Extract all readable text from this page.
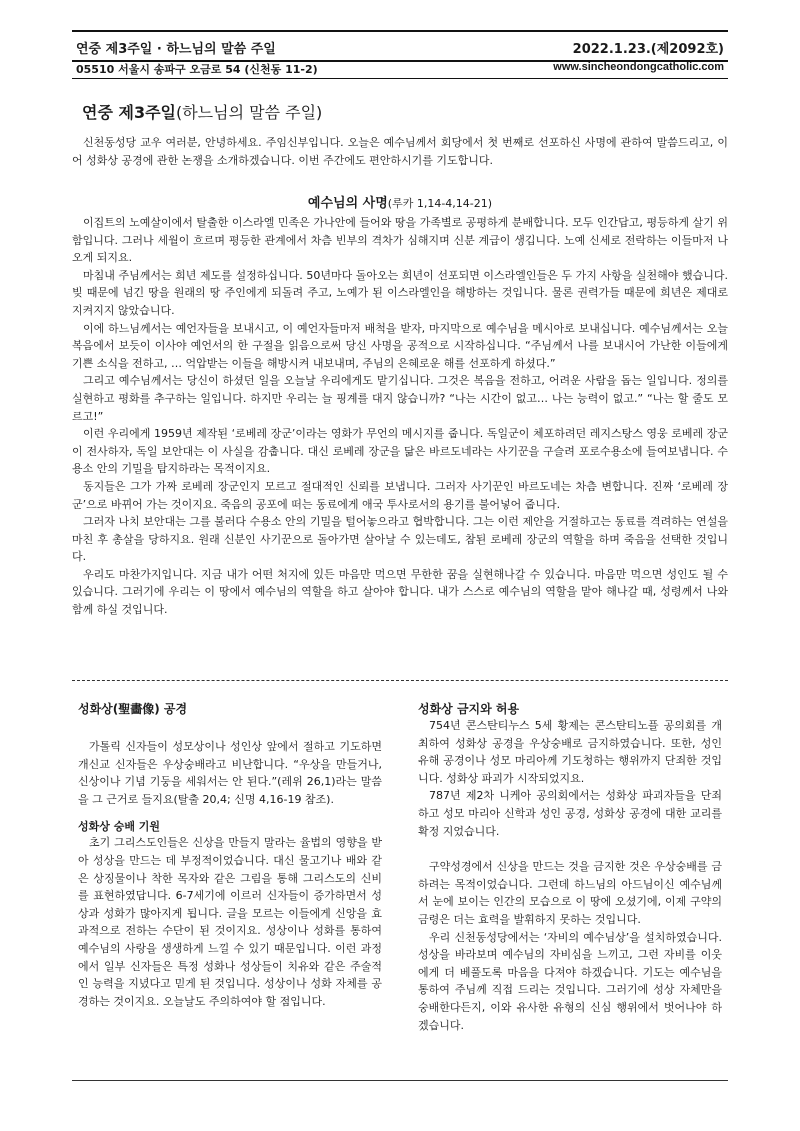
연중 제3주일 · 하느님의 말씀 주일	2022.1.23.(제2092호)
05510 서울시 송파구 오금로 54 (신천동 11-2)	www.sincheondongcatholic.com
연중 제3주일(하느님의 말씀 주일)

신천동성당 교우 여러분, 안녕하세요. 주임신부입니다. 오늘은 예수님께서 회당에서 첫 번째로 선포하신 사명에 관하여 말씀드리고, 이어 성화상 공경에 관한 논쟁을 소개하겠습니다. 이번 주간에도 편안하시기를 기도합니다.

예수님의 사명(루카 1,14-4,14-21)

이집트의 노예살이에서 탈출한 이스라엘 민족은 가나안에 들어와 땅을 가족별로 공평하게 분배합니다. 모두 인간답고, 평등하게 살기 위함입니다. 그러나 세월이 흐르며 평등한 관계에서 차츰 빈부의 격차가 심해지며 신분 계급이 생깁니다. 노예 신세로 전락하는 이들마저 나오게 되지요.

마침내 주님께서는 희년 제도를 설정하십니다. 50년마다 돌아오는 희년이 선포되면 이스라엘인들은 두 가지 사항을 실천해야 했습니다. 빚 때문에 넘긴 땅을 원래의 땅 주인에게 되돌려 주고, 노예가 된 이스라엘인을 해방하는 것입니다. 물론 권력가들 때문에 희년은 제대로 지켜지지 않았습니다.

이에 하느님께서는 예언자들을 보내시고, 이 예언자들마저 배척을 받자, 마지막으로 예수님을 메시아로 보내십니다. 예수님께서는 오늘 복음에서 보듯이 이사야 예언서의 한 구절을 읽음으로써 당신 사명을 공적으로 시작하십니다. “주님께서 나를 보내시어 가난한 이들에게 기쁜 소식을 전하고, … 억압받는 이들을 해방시켜 내보내며, 주님의 은혜로운 해를 선포하게 하셨다.”

그리고 예수님께서는 당신이 하셨던 일을 오늘날 우리에게도 맡기십니다. 그것은 복음을 전하고, 어려운 사람을 돕는 일입니다. 정의를 실현하고 평화를 추구하는 일입니다. 하지만 우리는 늘 핑계를 대지 않습니까? “나는 시간이 없고… 나는 능력이 없고.” “나는 할 줄도 모르고!”

이런 우리에게 1959년 제작된 ‘로베레 장군’이라는 영화가 무언의 메시지를 줍니다. 독일군이 체포하려던 레지스탕스 영웅 로베레 장군이 전사하자, 독일 보안대는 이 사실을 감춥니다. 대신 로베레 장군을 닮은 바르도네라는 사기꾼을 구슬려 포로수용소에 들여보냅니다. 수용소 안의 기밀을 탐지하라는 목적이지요.

동지들은 그가 가짜 로베레 장군인지 모르고 절대적인 신뢰를 보냅니다. 그러자 사기꾼인 바르도네는 차츰 변합니다. 진짜 ‘로베레 장군’으로 바뀌어 가는 것이지요. 죽음의 공포에 떠는 동료에게 애국 투사로서의 용기를 불어넣어 줍니다.

그러자 나치 보안대는 그를 불러다 수용소 안의 기밀을 털어놓으라고 협박합니다. 그는 이런 제안을 거절하고는 동료를 격려하는 연설을 마친 후 총살을 당하지요. 원래 신분인 사기꾼으로 돌아가면 살아날 수 있는데도, 참된 로베레 장군의 역할을 하며 죽음을 선택한 것입니다.

우리도 마찬가지입니다. 지금 내가 어떤 처지에 있든 마음만 먹으면 무한한 꿈을 실현해나갈 수 있습니다. 마음만 먹으면 성인도 될 수 있습니다. 그러기에 우리는 이 땅에서 예수님의 역할을 하고 살아야 합니다. 내가 스스로 예수님의 역할을 맡아 해나갈 때, 성령께서 나와 함께 하실 것입니다.

성화상(聖畵像) 공경

가톨릭 신자들이 성모상이나 성인상 앞에서 절하고 기도하면 개신교 신자들은 우상숭배라고 비난합니다. “우상을 만들거나, 신상이나 기념 기둥을 세워서는 안 된다.”(레위 26,1)라는 말씀을 그 근거로 들지요(탈출 20,4; 신명 4,16-19 참조).

성화상 숭배 기원

초기 그리스도인들은 신상을 만들지 말라는 율법의 영향을 받아 성상을 만드는 데 부정적이었습니다. 대신 물고기나 배와 같은 상징물이나 착한 목자와 같은 그림을 통해 그리스도의 신비를 표현하였답니다. 6-7세기에 이르러 신자들이 증가하면서 성상과 성화가 많아지게 됩니다. 글을 모르는 이들에게 신앙을 효과적으로 전하는 수단이 된 것이지요. 성상이나 성화를 통하여 예수님의 사랑을 생생하게 느낄 수 있기 때문입니다. 이런 과정에서 일부 신자들은 특정 성화나 성상들이 치유와 같은 주술적인 능력을 지녔다고 믿게 된 것입니다. 성상이나 성화 자체를 공경하는 것이지요. 오늘날도 주의하여야 할 점입니다.

성화상 금지와 허용

754년 콘스탄티누스 5세 황제는 콘스탄티노플 공의회를 개최하여 성화상 공경을 우상숭배로 금지하였습니다. 또한, 성인 유해 공경이나 성모 마리아께 기도청하는 행위까지 단죄한 것입니다. 성화상 파괴가 시작되었지요.

787년 제2차 니케아 공의회에서는 성화상 파괴자들을 단죄하고 성모 마리아 신학과 성인 공경, 성화상 공경에 대한 교리를 확정 지었습니다.

구약성경에서 신상을 만드는 것을 금지한 것은 우상숭배를 금하려는 목적이었습니다. 그런데 하느님의 아드님이신 예수님께서 눈에 보이는 인간의 모습으로 이 땅에 오셨기에, 이제 구약의 금령은 더는 효력을 발휘하지 못하는 것입니다.

우리 신천동성당에서는 ‘자비의 예수님상’을 설치하였습니다. 성상을 바라보며 예수님의 자비심을 느끼고, 그런 자비를 이웃에게 더 베풀도록 마음을 다져야 하겠습니다. 기도는 예수님을 통하여 주님께 직접 드리는 것입니다. 그러기에 성상 자체만을 숭배한다든지, 이와 유사한 유형의 신심 행위에서 벗어나야 하겠습니다.
